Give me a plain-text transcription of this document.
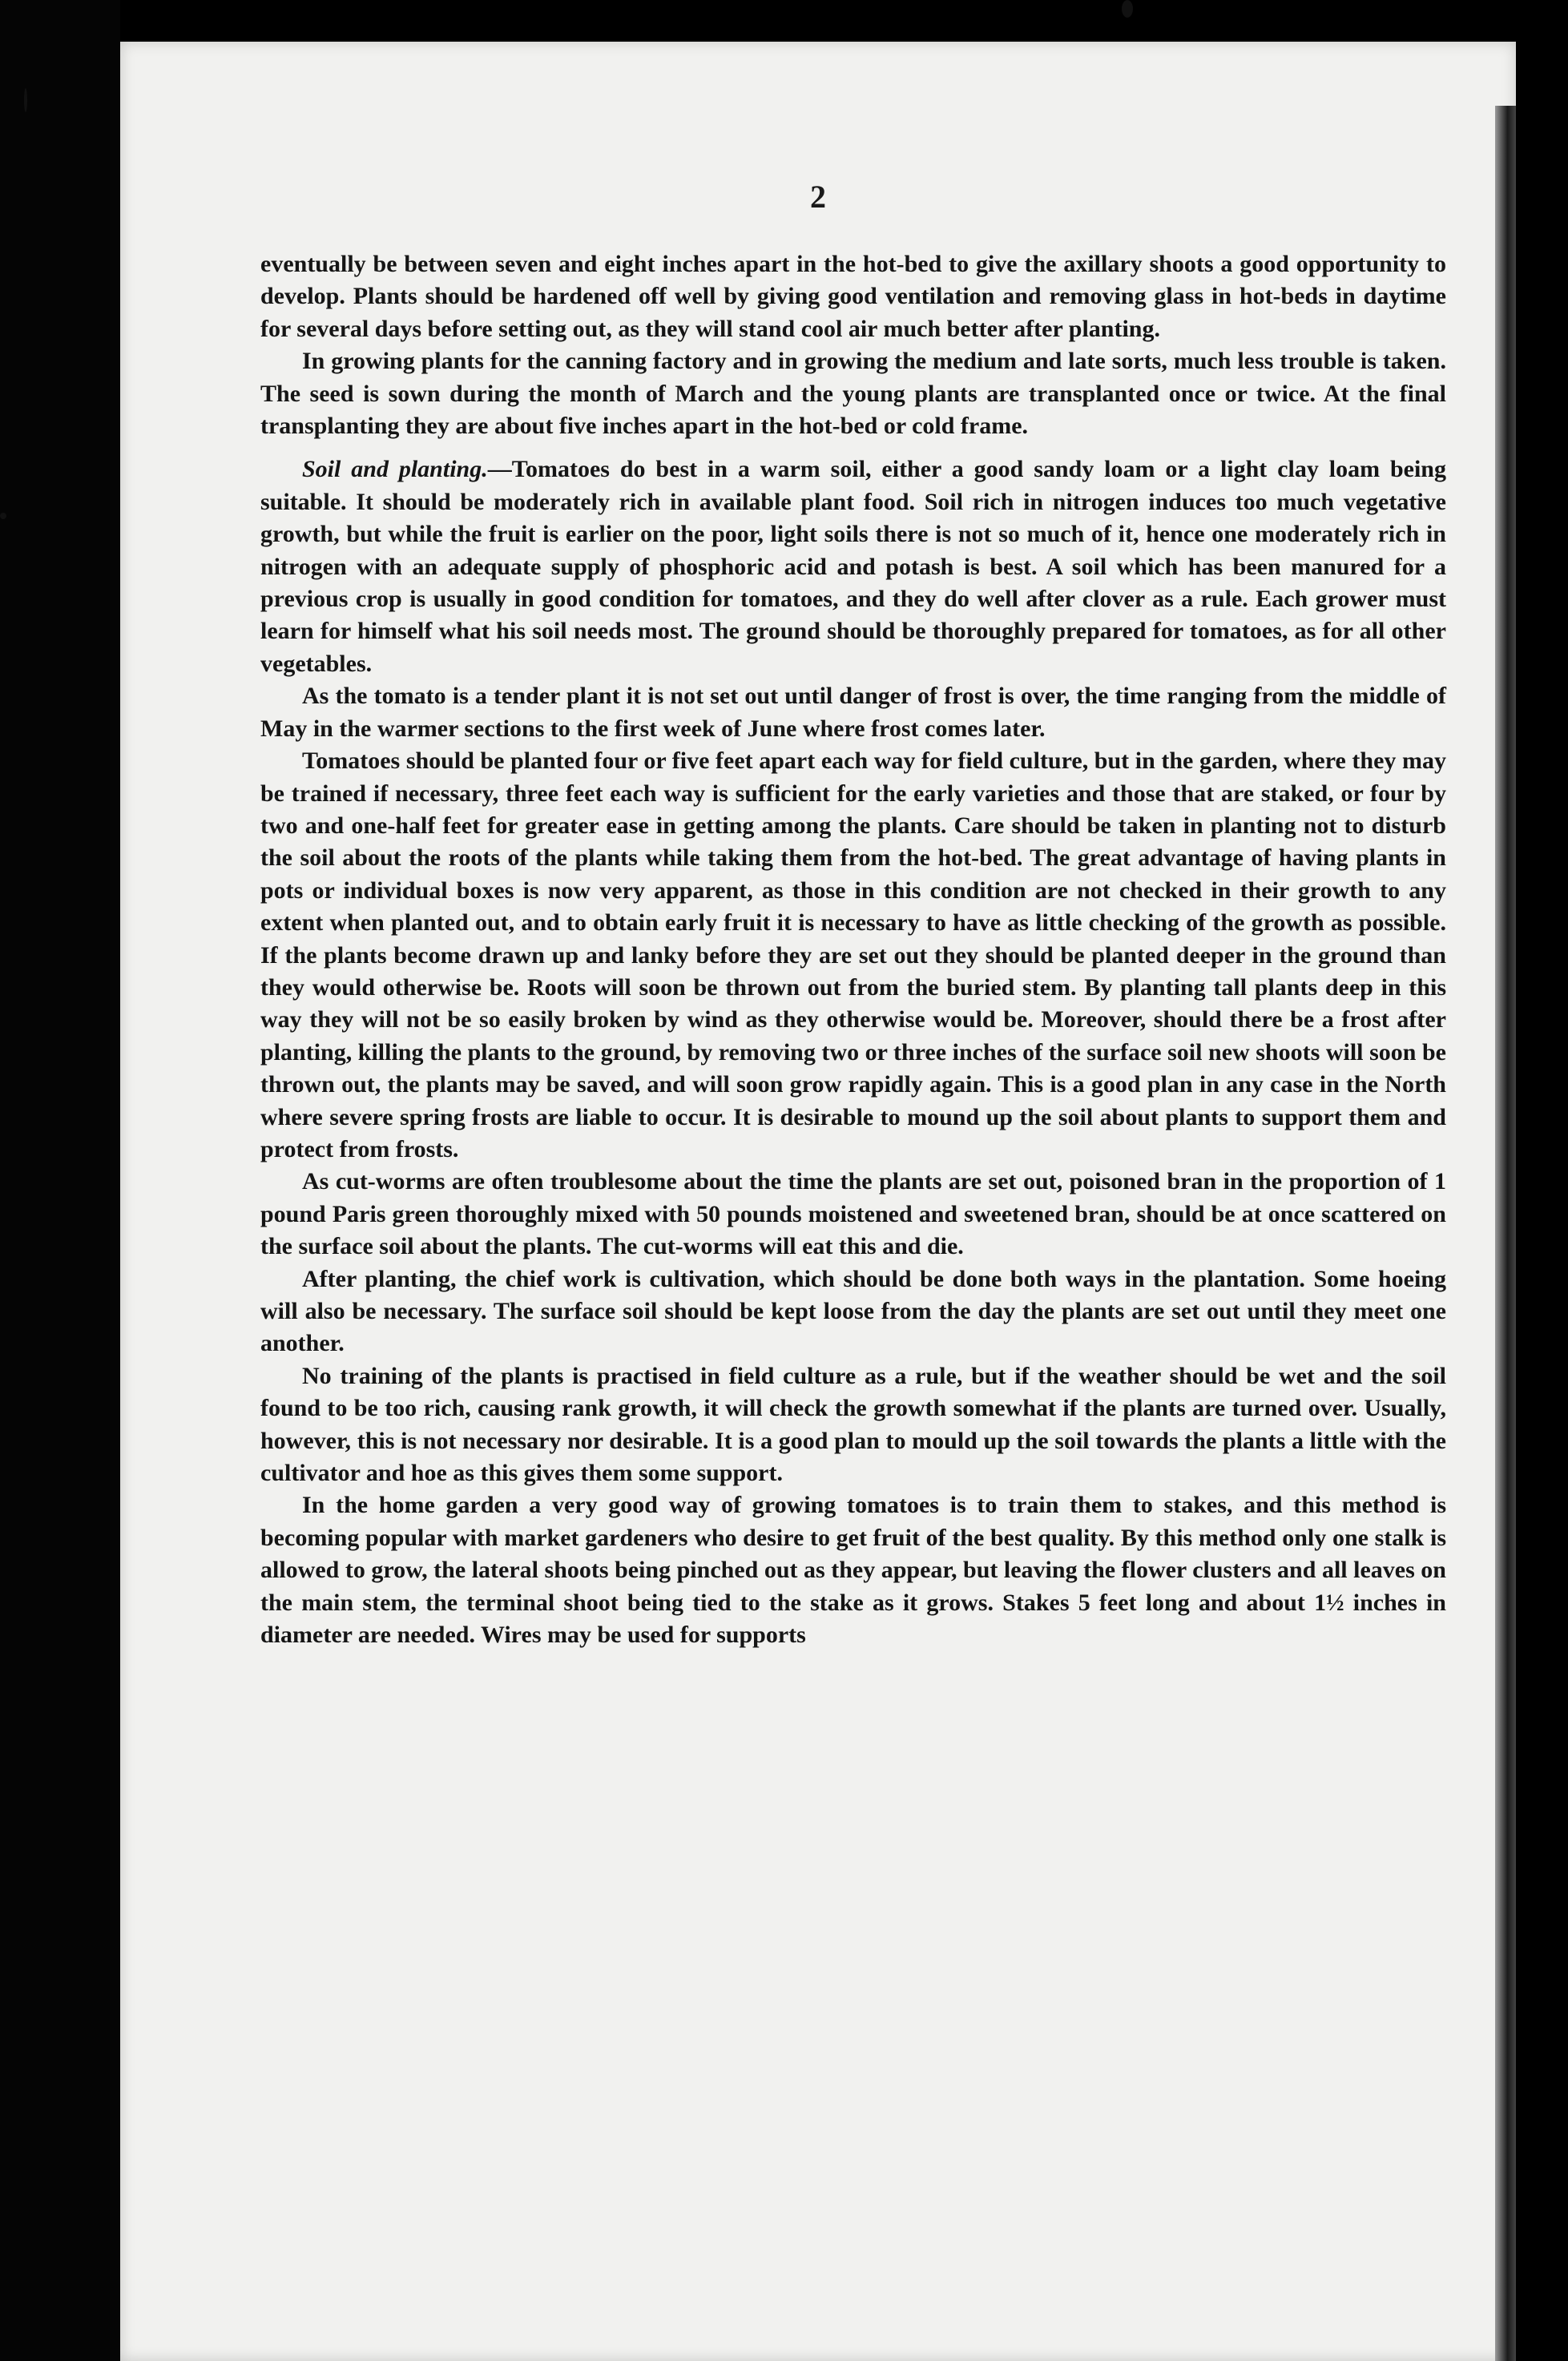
2

eventually be between seven and eight inches apart in the hot-bed to give the axillary shoots a good opportunity to develop. Plants should be hardened off well by giving good ventilation and removing glass in hot-beds in daytime for several days before setting out, as they will stand cool air much better after planting.

In growing plants for the canning factory and in growing the medium and late sorts, much less trouble is taken. The seed is sown during the month of March and the young plants are transplanted once or twice. At the final transplanting they are about five inches apart in the hot-bed or cold frame.

Soil and planting.—Tomatoes do best in a warm soil, either a good sandy loam or a light clay loam being suitable. It should be moderately rich in available plant food. Soil rich in nitrogen induces too much vegetative growth, but while the fruit is earlier on the poor, light soils there is not so much of it, hence one moderately rich in nitrogen with an adequate supply of phosphoric acid and potash is best. A soil which has been manured for a previous crop is usually in good condition for tomatoes, and they do well after clover as a rule. Each grower must learn for himself what his soil needs most. The ground should be thoroughly prepared for tomatoes, as for all other vegetables.

As the tomato is a tender plant it is not set out until danger of frost is over, the time ranging from the middle of May in the warmer sections to the first week of June where frost comes later.

Tomatoes should be planted four or five feet apart each way for field culture, but in the garden, where they may be trained if necessary, three feet each way is sufficient for the early varieties and those that are staked, or four by two and one-half feet for greater ease in getting among the plants. Care should be taken in planting not to disturb the soil about the roots of the plants while taking them from the hot-bed. The great advantage of having plants in pots or individual boxes is now very apparent, as those in this condition are not checked in their growth to any extent when planted out, and to obtain early fruit it is necessary to have as little checking of the growth as possible. If the plants become drawn up and lanky before they are set out they should be planted deeper in the ground than they would otherwise be. Roots will soon be thrown out from the buried stem. By planting tall plants deep in this way they will not be so easily broken by wind as they otherwise would be. Moreover, should there be a frost after planting, killing the plants to the ground, by removing two or three inches of the surface soil new shoots will soon be thrown out, the plants may be saved, and will soon grow rapidly again. This is a good plan in any case in the North where severe spring frosts are liable to occur. It is desirable to mound up the soil about plants to support them and protect from frosts.

As cut-worms are often troublesome about the time the plants are set out, poisoned bran in the proportion of 1 pound Paris green thoroughly mixed with 50 pounds moistened and sweetened bran, should be at once scattered on the surface soil about the plants. The cut-worms will eat this and die.

After planting, the chief work is cultivation, which should be done both ways in the plantation. Some hoeing will also be necessary. The surface soil should be kept loose from the day the plants are set out until they meet one another.

No training of the plants is practised in field culture as a rule, but if the weather should be wet and the soil found to be too rich, causing rank growth, it will check the growth somewhat if the plants are turned over. Usually, however, this is not necessary nor desirable. It is a good plan to mould up the soil towards the plants a little with the cultivator and hoe as this gives them some support.

In the home garden a very good way of growing tomatoes is to train them to stakes, and this method is becoming popular with market gardeners who desire to get fruit of the best quality. By this method only one stalk is allowed to grow, the lateral shoots being pinched out as they appear, but leaving the flower clusters and all leaves on the main stem, the terminal shoot being tied to the stake as it grows. Stakes 5 feet long and about 1½ inches in diameter are needed. Wires may be used for supports
